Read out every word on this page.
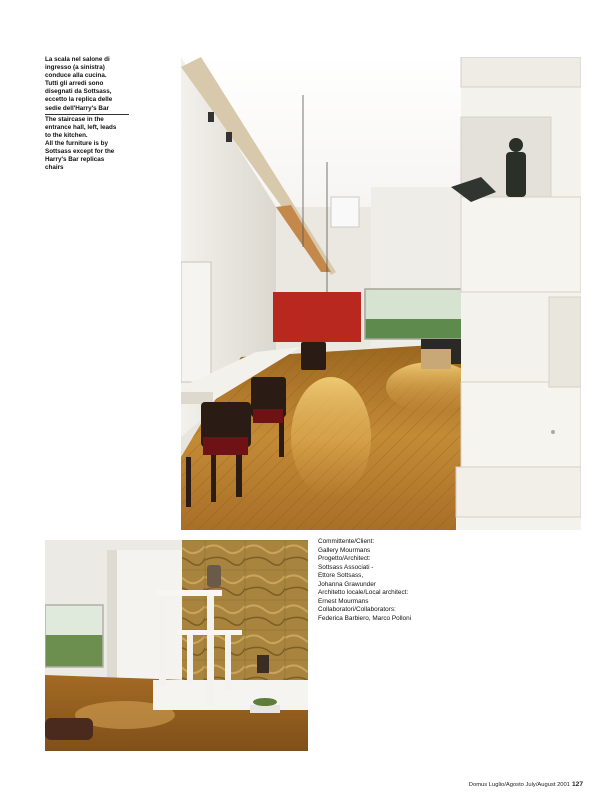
La scala nel salone di
ingresso (a sinistra)
conduce alla cucina.
Tutti gli arredi sono
disegnati da Sottsass,
eccetto la replica delle
sedie dell'Harry's Bar
The staircase in the
entrance hall, left, leads
to the kitchen.
All the furniture is by
Sottsass except for the
Harry's Bar replicas
chairs
Committente/Client:
Gallery Mourmans
Progetto/Architect:
Sottsass Associati -
Ettore Sottsass,
Johanna Grawunder
Architetto locale/Local architect:
Ernest Mourmans
Collaboratori/Collaborators:
Federica Barbiero, Marco Polloni
Domus Luglio/Agosto July/August 2001 127
